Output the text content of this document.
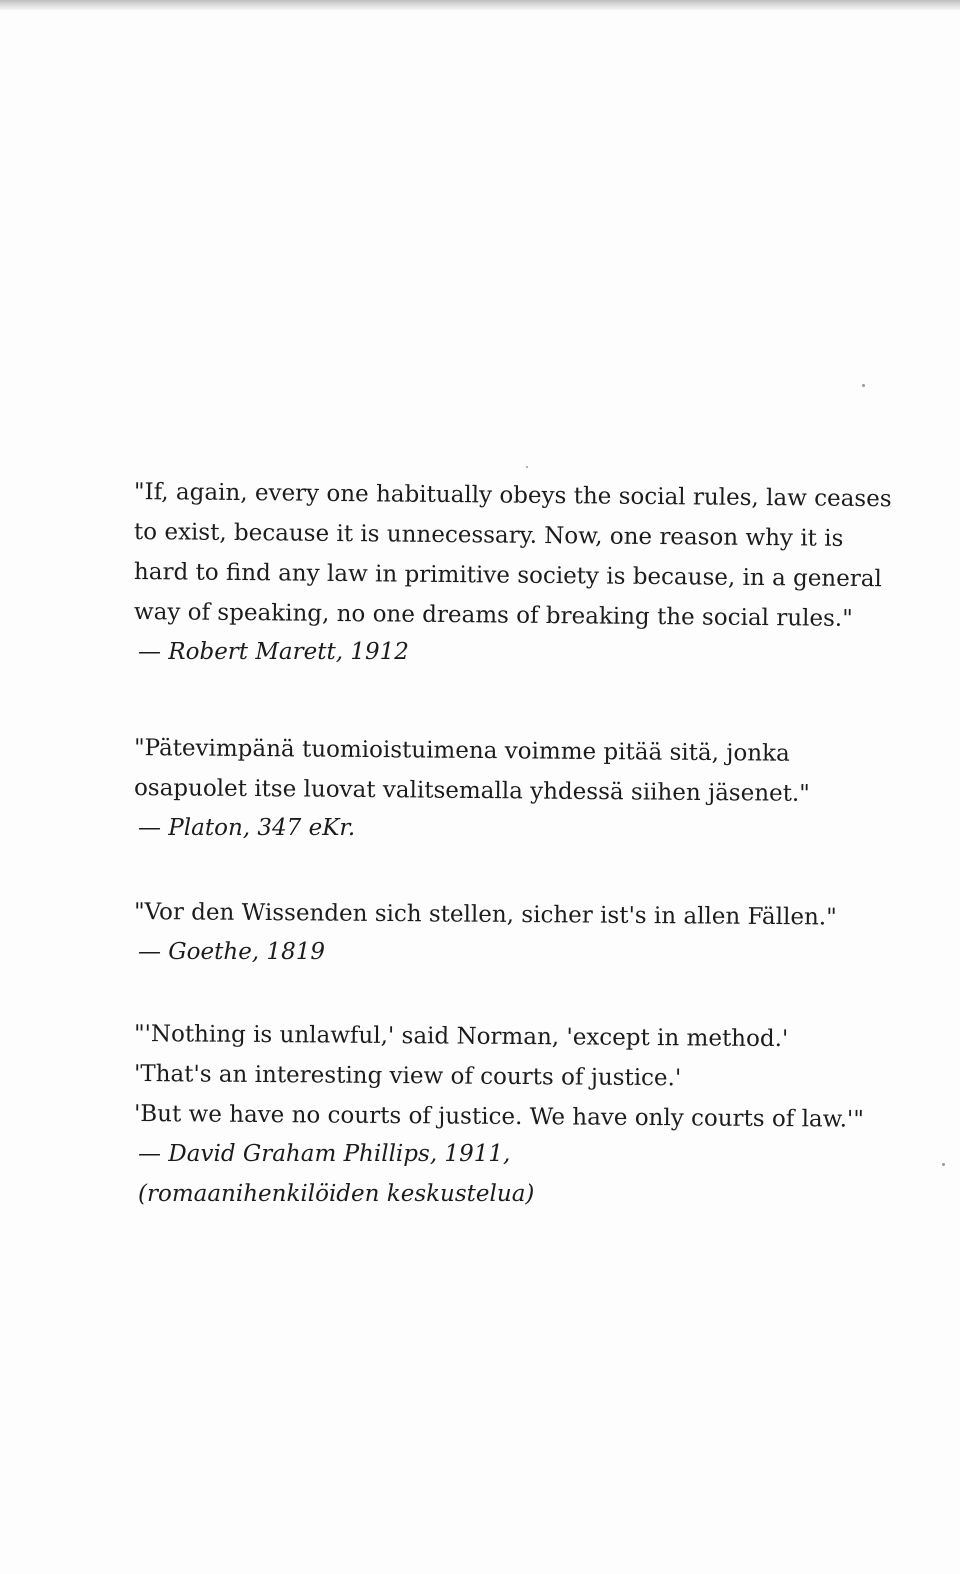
"If, again, every one habitually obeys the social rules, law ceases
to exist, because it is unnecessary. Now, one reason why it is
hard to find any law in primitive society is because, in a general
way of speaking, no one dreams of breaking the social rules."
— Robert Marett, 1912
"Pätevimpänä tuomioistuimena voimme pitää sitä, jonka
osapuolet itse luovat valitsemalla yhdessä siihen jäsenet."
— Platon, 347 eKr.
"Vor den Wissenden sich stellen, sicher ist's in allen Fällen."
— Goethe, 1819
"'Nothing is unlawful,' said Norman, 'except in method.'
'That's an interesting view of courts of justice.'
'But we have no courts of justice. We have only courts of law.'"
— David Graham Phillips, 1911,
(romaanihenkilöiden keskustelua)
